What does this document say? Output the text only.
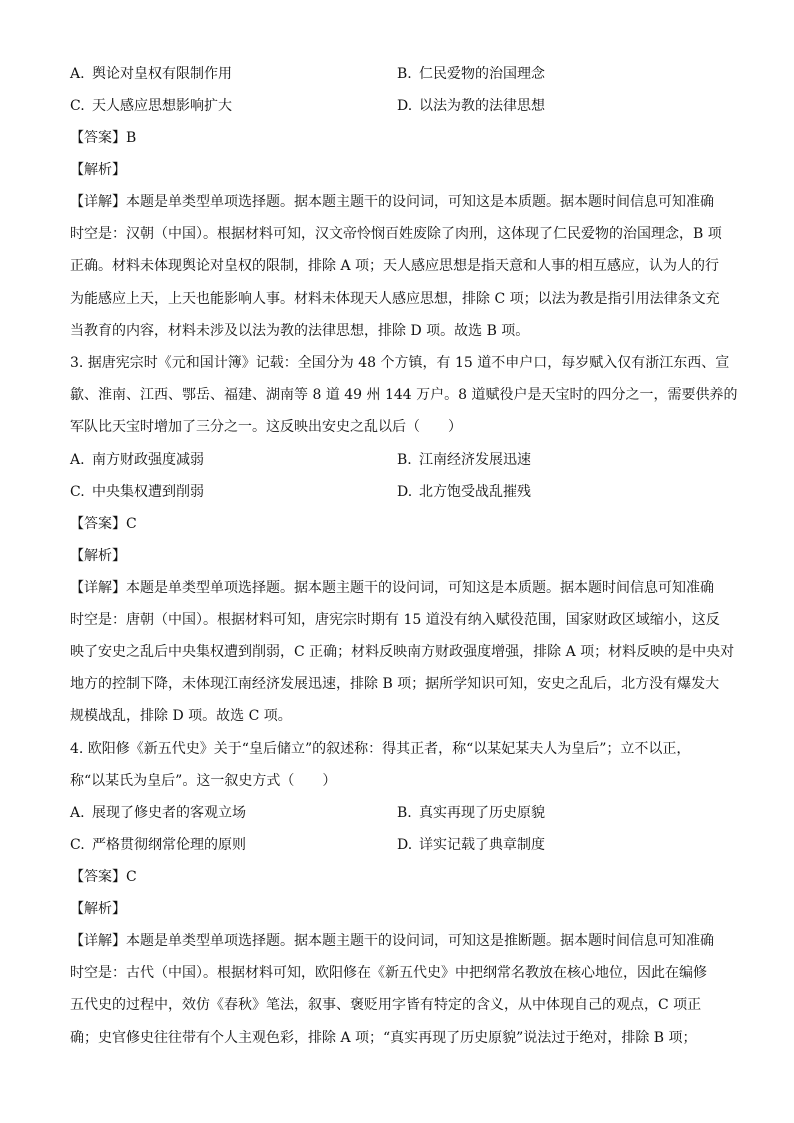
A. 舆论对皇权有限制作用	B. 仁民爱物的治国理念
C. 天人感应思想影响扩大	D. 以法为教的法律思想
【答案】B
【解析】
【详解】本题是单类型单项选择题。据本题主题干的设问词，可知这是本质题。据本题时间信息可知准确
时空是：汉朝（中国）。根据材料可知，汉文帝怜悯百姓废除了肉刑，这体现了仁民爱物的治国理念，B 项
正确。材料未体现舆论对皇权的限制，排除 A 项；天人感应思想是指天意和人事的相互感应，认为人的行
为能感应上天，上天也能影响人事。材料未体现天人感应思想，排除 C 项；以法为教是指引用法律条文充
当教育的内容，材料未涉及以法为教的法律思想，排除 D 项。故选 B 项。
3. 据唐宪宗时《元和国计簿》记载：全国分为 48 个方镇，有 15 道不申户口，每岁赋入仅有浙江东西、宣
歙、淮南、江西、鄂岳、福建、湖南等 8 道 49 州 144 万户。8 道赋役户是天宝时的四分之一，需要供养的
军队比天宝时增加了三分之一。这反映出安史之乱以后（　　）
A. 南方财政强度减弱	B. 江南经济发展迅速
C. 中央集权遭到削弱	D. 北方饱受战乱摧残
【答案】C
【解析】
【详解】本题是单类型单项选择题。据本题主题干的设问词，可知这是本质题。据本题时间信息可知准确
时空是：唐朝（中国）。根据材料可知，唐宪宗时期有 15 道没有纳入赋役范围，国家财政区域缩小，这反
映了安史之乱后中央集权遭到削弱，C 正确；材料反映南方财政强度增强，排除 A 项；材料反映的是中央对
地方的控制下降，未体现江南经济发展迅速，排除 B 项；据所学知识可知，安史之乱后，北方没有爆发大
规模战乱，排除 D 项。故选 C 项。
4. 欧阳修《新五代史》关于“皇后储立”的叙述称：得其正者，称“以某妃某夫人为皇后”；立不以正，
称“以某氏为皇后”。这一叙史方式（　　）
A. 展现了修史者的客观立场	B. 真实再现了历史原貌
C. 严格贯彻纲常伦理的原则	D. 详实记载了典章制度
【答案】C
【解析】
【详解】本题是单类型单项选择题。据本题主题干的设问词，可知这是推断题。据本题时间信息可知准确
时空是：古代（中国）。根据材料可知，欧阳修在《新五代史》中把纲常名教放在核心地位，因此在编修
五代史的过程中，效仿《春秋》笔法，叙事、褒贬用字皆有特定的含义，从中体现自己的观点，C 项正
确；史官修史往往带有个人主观色彩，排除 A 项；“真实再现了历史原貌”说法过于绝对，排除 B 项；
